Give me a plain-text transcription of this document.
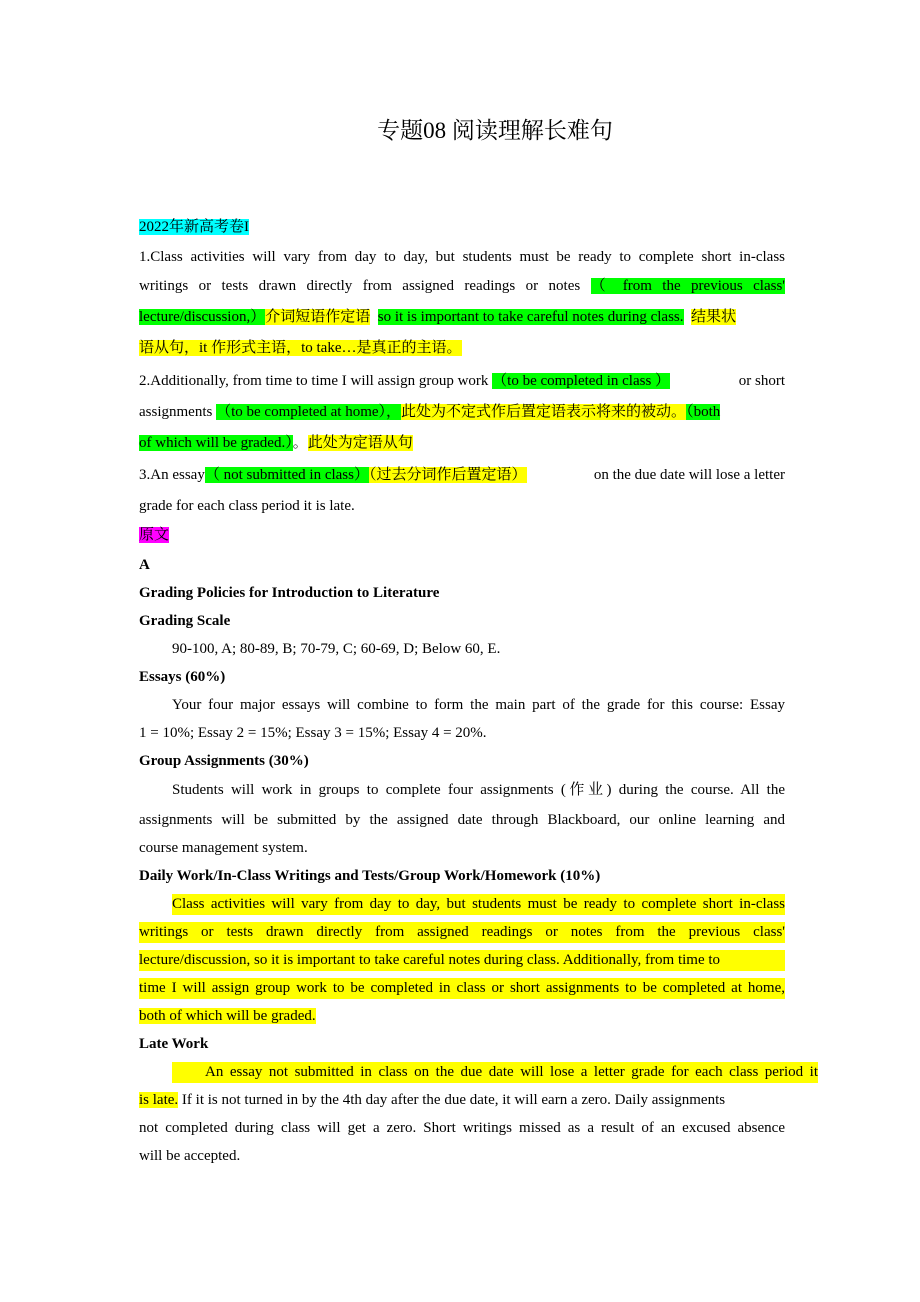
专题08 阅读理解长难句
2022年新高考卷I
1.Class activities will vary from day to day, but students must be ready to complete short in-class
writings or tests drawn directly from assigned readings or notes （ from the previous class'
lecture/discussion,）介词短语作定语 so it is important to take careful notes during class. 结果状
语从句，it 作形式主语，to take…是真正的主语。
2.Additionally, from time to time I will assign group work （to be completed in class ）	or short
assignments （to be completed at home），此处为不定式作后置定语表示将来的被动。（both
of which will be graded.）。此处为定语从句
3.An essay（ not submitted in class）（过去分词作后置定语）	on the due date will lose a letter
grade for each class period it is late.
原文
A
Grading Policies for Introduction to Literature
Grading Scale
90-100, A; 80-89, B; 70-79, C; 60-69, D; Below 60, E.
Essays (60%)
Your four major essays will combine to form the main part of the grade for this course: Essay
1 = 10%; Essay 2 = 15%; Essay 3 = 15%; Essay 4 = 20%.
Group Assignments (30%)
Students will work in groups to complete four assignments (作业) during the course. All the
assignments will be submitted by the assigned date through Blackboard, our online learning and
course management system.
Daily Work/In-Class Writings and Tests/Group Work/Homework (10%)
Class activities will vary from day to day, but students must be ready to complete short in-class
writings or tests drawn directly from assigned readings or notes from the previous class'
lecture/discussion, so it is important to take careful notes during class. Additionally, from time to
time I will assign group work to be completed in class or short assignments to be completed at home,
both of which will be graded.
Late Work
An essay not submitted in class on the due date will lose a letter grade for each class period it
is late. If it is not turned in by the 4th day after the due date, it will earn a zero. Daily assignments
not completed during class will get a zero. Short writings missed as a result of an excused absence
will be accepted.
